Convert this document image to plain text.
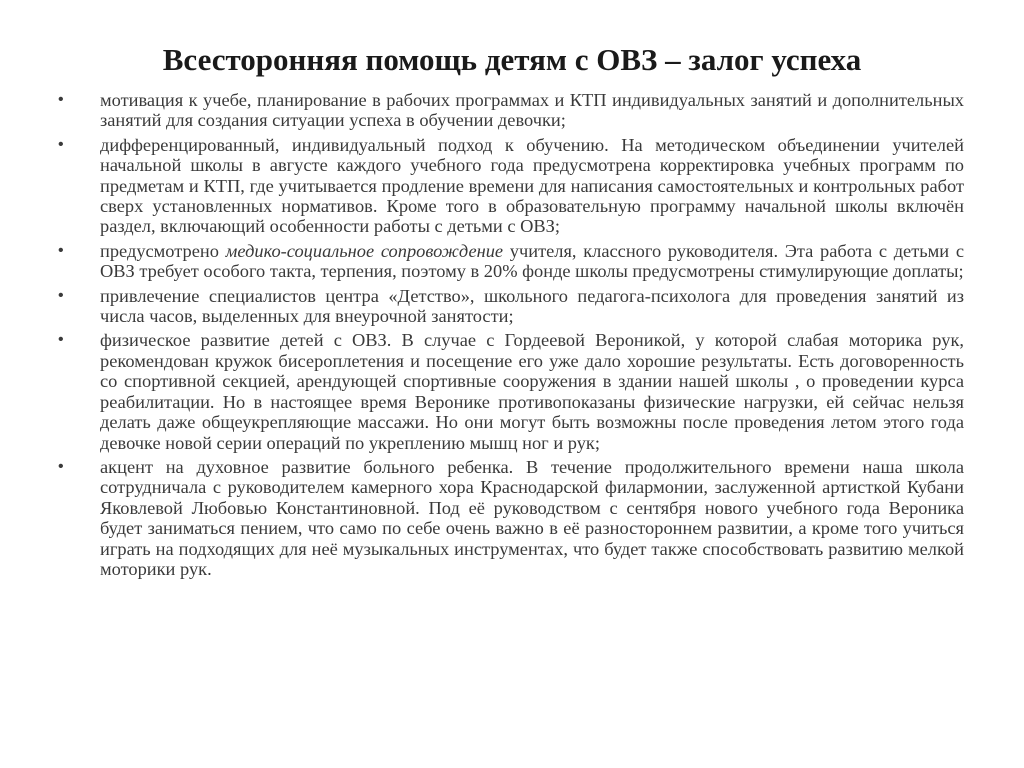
Всесторонняя помощь детям с ОВЗ – залог успеха
•	мотивация к учебе, планирование в рабочих программах и КТП индивидуальных занятий и дополнительных занятий для создания ситуации успеха в обучении девочки;
•	дифференцированный, индивидуальный подход к обучению. На методическом объединении учителей начальной школы в августе каждого учебного года предусмотрена корректировка учебных программ по предметам и КТП, где учитывается продление времени для написания самостоятельных и контрольных работ сверх установленных нормативов. Кроме того в образовательную программу начальной школы включён раздел, включающий особенности работы с детьми с ОВЗ;
•	предусмотрено медико-социальное сопровождение учителя, классного руководителя. Эта работа с детьми с ОВЗ требует особого такта, терпения, поэтому в 20% фонде школы предусмотрены стимулирующие доплаты;
•	привлечение специалистов центра «Детство», школьного педагога-психолога для проведения занятий из числа часов, выделенных для внеурочной занятости;
•	физическое развитие детей с ОВЗ. В случае с Гордеевой Вероникой, у которой слабая моторика рук, рекомендован кружок бисероплетения и посещение его уже дало хорошие результаты. Есть договоренность со спортивной секцией, арендующей спортивные сооружения в здании нашей школы , о проведении курса реабилитации. Но в настоящее время Веронике противопоказаны физические нагрузки, ей сейчас нельзя делать даже общеукрепляющие массажи. Но они могут быть возможны после проведения летом этого года девочке новой серии операций по укреплению мышц ног и рук;
•	акцент на духовное развитие больного ребенка. В течение продолжительного времени наша школа сотрудничала с руководителем камерного хора Краснодарской филармонии, заслуженной артисткой Кубани Яковлевой Любовью Константиновной. Под её руководством с сентября нового учебного года Вероника будет заниматься пением, что само по себе очень важно в её разностороннем развитии, а кроме того учиться играть на подходящих для неё музыкальных инструментах, что будет также способствовать развитию мелкой моторики рук.
